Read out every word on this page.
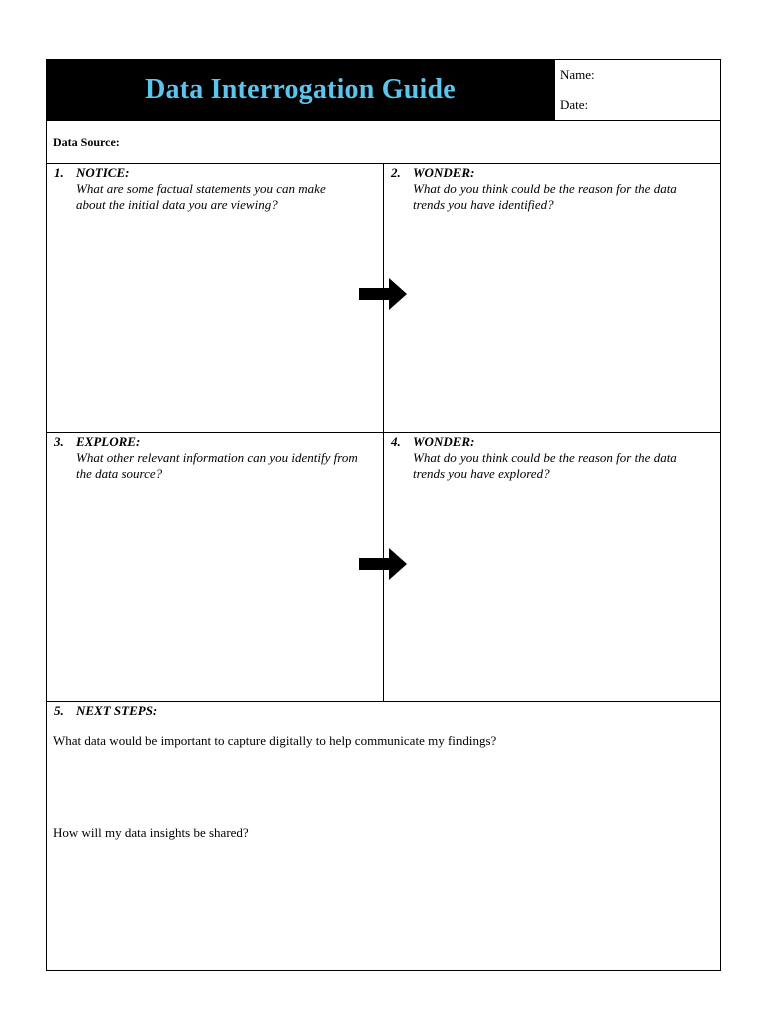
Data Interrogation Guide	Name:
Date:
Data Source:
1. NOTICE:
What are some factual statements you can make about the initial data you are viewing?
2. WONDER:
What do you think could be the reason for the data trends you have identified?
3. EXPLORE:
What other relevant information can you identify from the data source?
4. WONDER:
What do you think could be the reason for the data trends you have explored?
5. NEXT STEPS:
What data would be important to capture digitally to help communicate my findings?
How will my data insights be shared?
